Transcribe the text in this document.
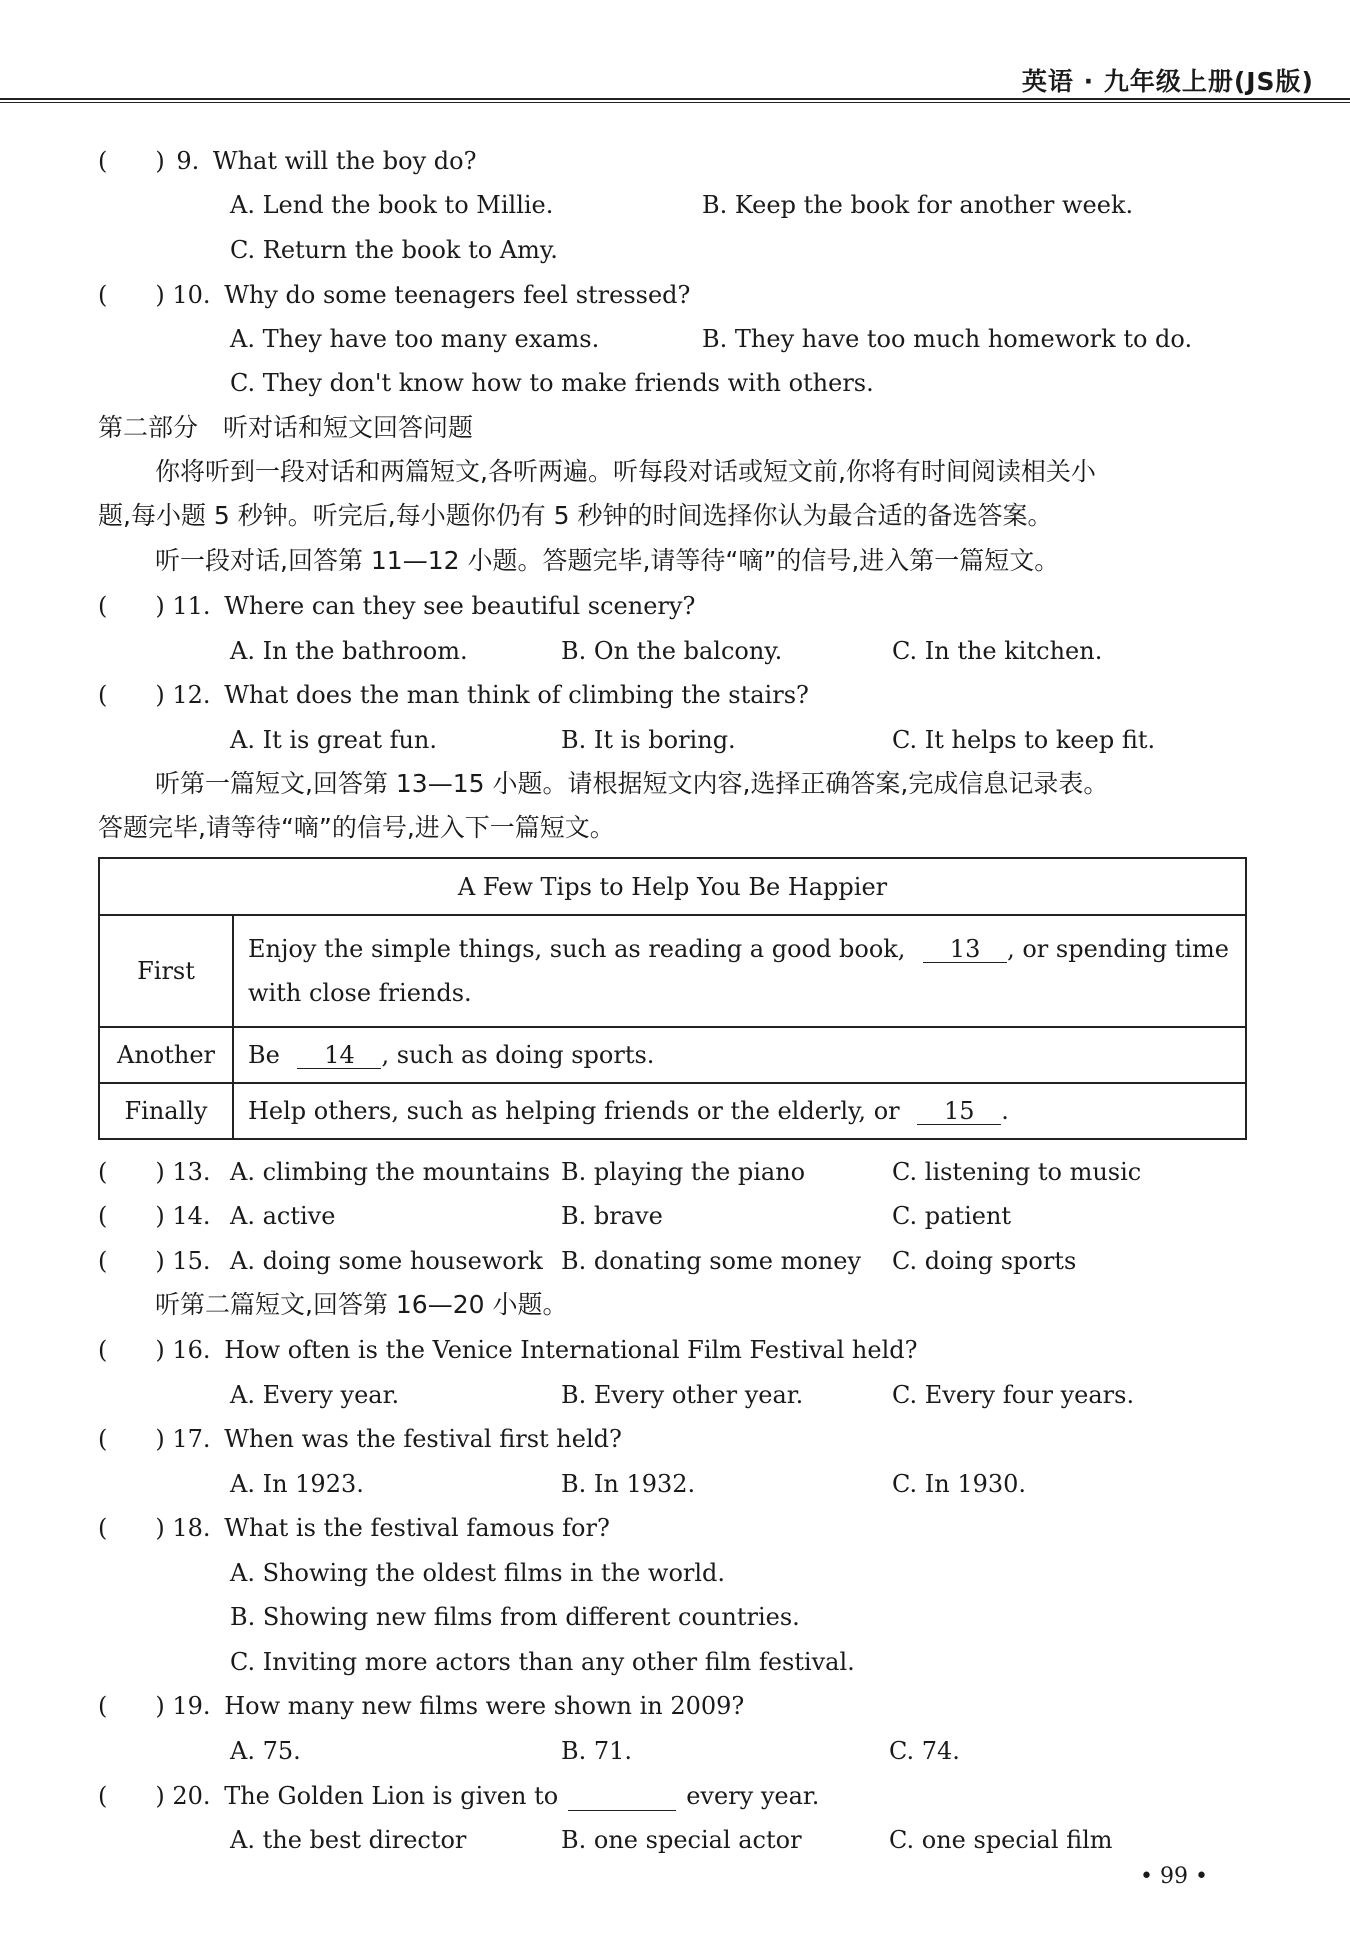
英语 · 九年级上册(JS版)
(　　) 9. What will the boy do?
A. Lend the book to Millie.	B. Keep the book for another week.
C. Return the book to Amy.
(　　) 10. Why do some teenagers feel stressed?
A. They have too many exams.	B. They have too much homework to do.
C. They don't know how to make friends with others.
第二部分　听对话和短文回答问题
你将听到一段对话和两篇短文,各听两遍。听每段对话或短文前,你将有时间阅读相关小
题,每小题 5 秒钟。听完后,每小题你仍有 5 秒钟的时间选择你认为最合适的备选答案。
听一段对话,回答第 11—12 小题。答题完毕,请等待“嘀”的信号,进入第一篇短文。
(　　) 11. Where can they see beautiful scenery?
A. In the bathroom.	B. On the balcony.	C. In the kitchen.
(　　) 12. What does the man think of climbing the stairs?
A. It is great fun.	B. It is boring.	C. It helps to keep fit.
听第一篇短文,回答第 13—15 小题。请根据短文内容,选择正确答案,完成信息记录表。
答题完毕,请等待“嘀”的信号,进入下一篇短文。
A Few Tips to Help You Be Happier	
First	Enjoy the simple things, such as reading a good book, 13 , or spending time
with close friends.
Another	Be 14 , such as doing sports.
Finally	Help others, such as helping friends or the elderly, or 15 .
(　　) 13. A. climbing the mountains B. playing the piano	C. listening to music
(　　) 14. A. active	B. brave	C. patient
(　　) 15. A. doing some housework B. donating some money C. doing sports
听第二篇短文,回答第 16—20 小题。
(　　) 16. How often is the Venice International Film Festival held?
A. Every year.	B. Every other year.	C. Every four years.
(　　) 17. When was the festival first held?
A. In 1923.	B. In 1932.	C. In 1930.
(　　) 18. What is the festival famous for?
A. Showing the oldest films in the world.
B. Showing new films from different countries.
C. Inviting more actors than any other film festival.
(　　) 19. How many new films were shown in 2009?
A. 75.	B. 71.	C. 74.
(　　) 20. The Golden Lion is given to	every year.
A. the best director	B. one special actor	C. one special film
• 99 •
